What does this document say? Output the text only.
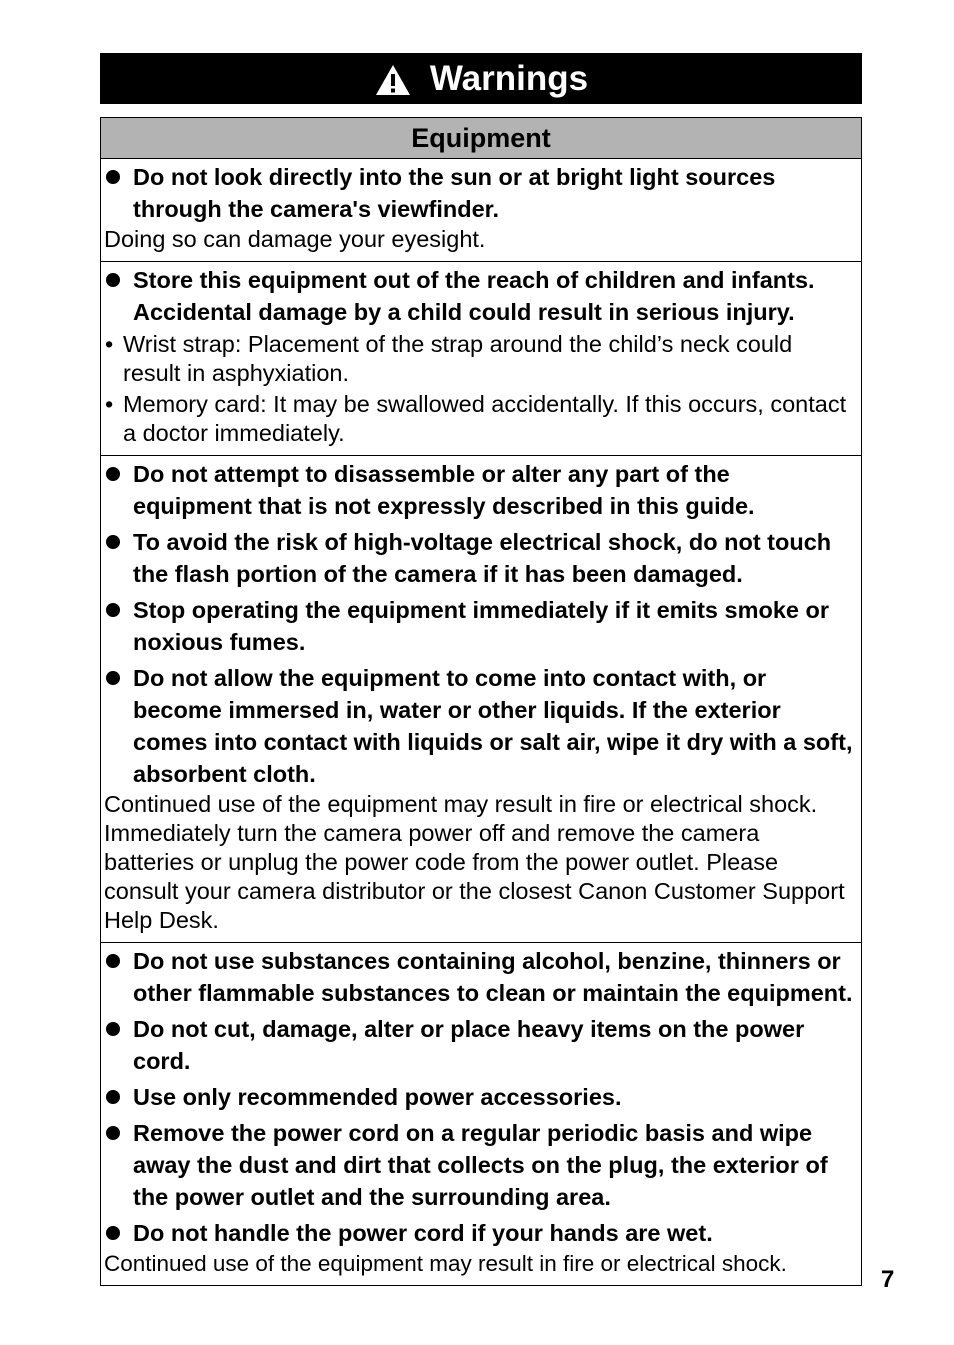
Warnings
Equipment
Do not look directly into the sun or at bright light sources through the camera's viewfinder.
Doing so can damage your eyesight.
Store this equipment out of the reach of children and infants. Accidental damage by a child could result in serious injury.
• Wrist strap: Placement of the strap around the child’s neck could result in asphyxiation.
• Memory card: It may be swallowed accidentally. If this occurs, contact a doctor immediately.
Do not attempt to disassemble or alter any part of the equipment that is not expressly described in this guide.
To avoid the risk of high-voltage electrical shock, do not touch the flash portion of the camera if it has been damaged.
Stop operating the equipment immediately if it emits smoke or noxious fumes.
Do not allow the equipment to come into contact with, or become immersed in, water or other liquids. If the exterior comes into contact with liquids or salt air, wipe it dry with a soft, absorbent cloth.
Continued use of the equipment may result in fire or electrical shock. Immediately turn the camera power off and remove the camera batteries or unplug the power code from the power outlet. Please consult your camera distributor or the closest Canon Customer Support Help Desk.
Do not use substances containing alcohol, benzine, thinners or other flammable substances to clean or maintain the equipment.
Do not cut, damage, alter or place heavy items on the power cord.
Use only recommended power accessories.
Remove the power cord on a regular periodic basis and wipe away the dust and dirt that collects on the plug, the exterior of the power outlet and the surrounding area.
Do not handle the power cord if your hands are wet.
Continued use of the equipment may result in fire or electrical shock.
7
